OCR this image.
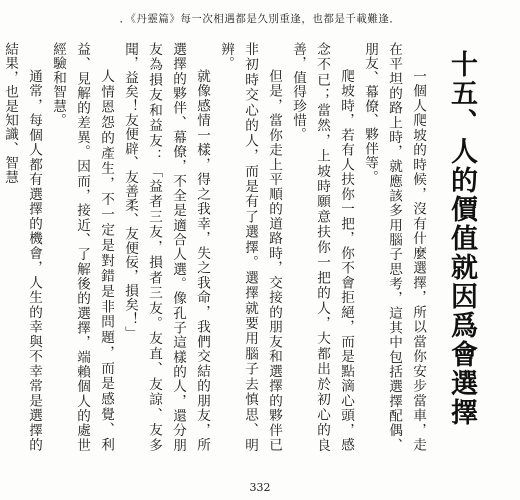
．《丹靈篇》每一次相遇都是久別重逢，也都是千載難逢．
十五、人的價值就因爲會選擇

一個人爬坡的時候，沒有什麼選擇，所以當你安步當車，走在平坦的路上時，就應該多用腦子思考，這其中包括選擇配偶、朋友、幕僚、夥伴等。

爬坡時，若有人扶你一把，你不會拒絕，而是點滴心頭，感念不已；當然，上坡時願意扶你一把的人，大都出於初心的良善，值得珍惜。

但是，當你走上平順的道路時，交接的朋友和選擇的夥伴已非初時交心的人，而是有了選擇。選擇就要用腦子去慎思、明辨。

就像感情一樣，得之我幸，失之我命，我們交結的朋友，所選擇的夥伴、幕僚，不全是適合人選。像孔子這樣的人，還分朋友為損友和益友：「益者三友，損者三友。友直、友諒、友多聞，益矣！友便辟、友善柔、友便佞，損矣！」

人情恩怨的產生，不一定是對錯是非問題，而是感覺、利益、見解的差異。因而，接近、了解後的選擇，端賴個人的處世經驗和智慧。

通常，每個人都有選擇的機會，人生的幸與不幸常是選擇的結果，也是知識、智慧

332
